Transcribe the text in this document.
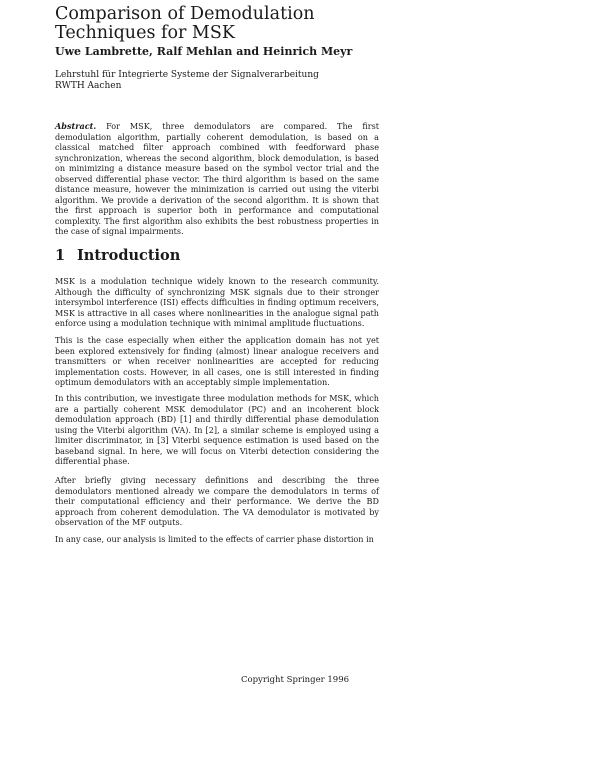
Comparison of Demodulation Techniques for MSK
Uwe Lambrette, Ralf Mehlan and Heinrich Meyr
Lehrstuhl für Integrierte Systeme der Signalverarbeitung
RWTH Aachen

Abstract. For MSK, three demodulators are compared. The first demodulation algorithm, partially coherent demodulation, is based on a classical matched filter approach combined with feedforward phase synchronization, whereas the second algorithm, block demodulation, is based on minimizing a distance measure based on the symbol vector trial and the observed differential phase vector. The third algorithm is based on the same distance measure, however the minimization is carried out using the viterbi algorithm. We provide a derivation of the second algorithm. It is shown that the first approach is superior both in performance and computational complexity. The first algorithm also exhibits the best robustness properties in the case of signal impairments.

1 Introduction

MSK is a modulation technique widely known to the research community. Although the difficulty of synchronizing MSK signals due to their stronger intersymbol interference (ISI) effects difficulties in finding optimum receivers, MSK is attractive in all cases where nonlinearities in the analogue signal path enforce using a modulation technique with minimal amplitude fluctuations.

This is the case especially when either the application domain has not yet been explored extensively for finding (almost) linear analogue receivers and transmitters or when receiver nonlinearities are accepted for reducing implementation costs. However, in all cases, one is still interested in finding optimum demodulators with an acceptably simple implementation.

In this contribution, we investigate three modulation methods for MSK, which are a partially coherent MSK demodulator (PC) and an incoherent block demodulation approach (BD) [1] and thirdly differential phase demodulation using the Viterbi algorithm (VA). In [2], a similar scheme is employed using a limiter discriminator, in [3] Viterbi sequence estimation is used based on the baseband signal. In here, we will focus on Viterbi detection considering the differential phase.

After briefly giving necessary definitions and describing the three demodulators mentioned already we compare the demodulators in terms of their computational efficiency and their performance. We derive the BD approach from coherent demodulation. The VA demodulator is motivated by observation of the MF outputs.

In any case, our analysis is limited to the effects of carrier phase distortion in

Copyright Springer 1996
